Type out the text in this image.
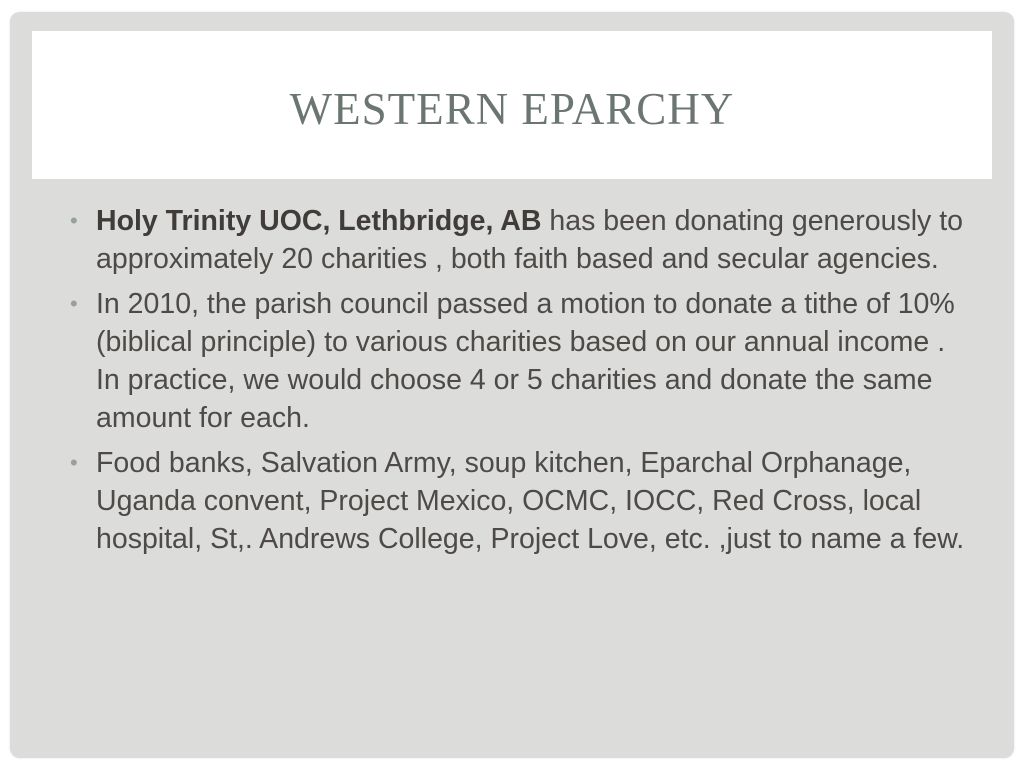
WESTERN EPARCHY
• Holy Trinity UOC, Lethbridge, AB has been donating generously to approximately 20 charities , both faith based and secular agencies.
• In 2010, the parish council passed a motion to donate a tithe of 10% (biblical principle) to various charities based on our annual income . In practice, we would choose 4 or 5 charities and donate the same amount for each.
• Food banks, Salvation Army, soup kitchen, Eparchal Orphanage, Uganda convent, Project Mexico, OCMC, IOCC, Red Cross, local hospital, St,. Andrews College, Project Love, etc. ,just to name a few.
